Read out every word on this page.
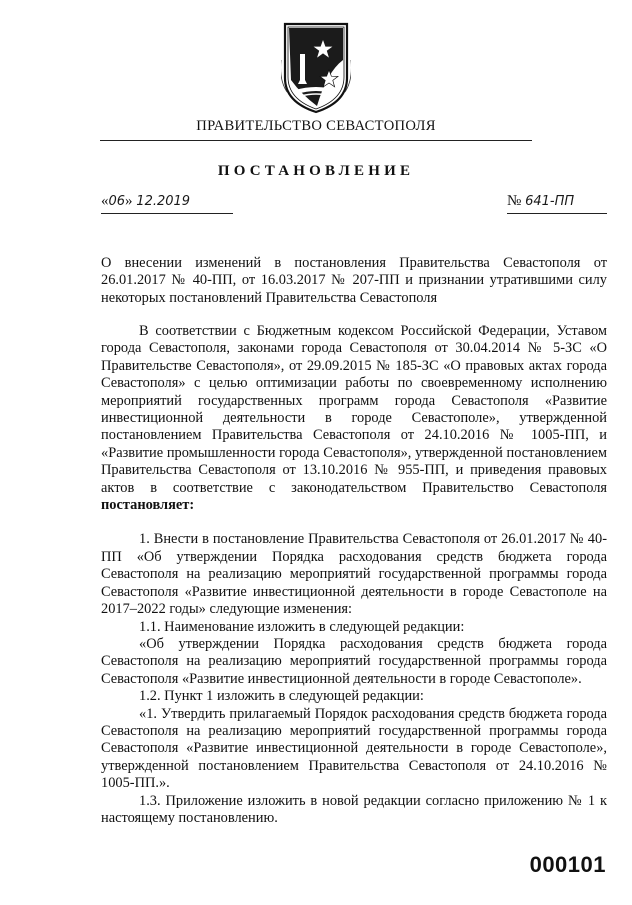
ПРАВИТЕЛЬСТВО СЕВАСТОПОЛЯ
ПОСТАНОВЛЕНИЕ
«06» 12.2019	№ 641-ПП
О внесении изменений в постановления Правительства Севастополя от 26.01.2017 № 40-ПП, от 16.03.2017 № 207-ПП и признании утратившими силу некоторых постановлений Правительства Севастополя

В соответствии с Бюджетным кодексом Российской Федерации, Уставом города Севастополя, законами города Севастополя от 30.04.2014 № 5-ЗС «О Правительстве Севастополя», от 29.09.2015 № 185-ЗС «О правовых актах города Севастополя» с целью оптимизации работы по своевременному исполнению мероприятий государственных программ города Севастополя «Развитие инвестиционной деятельности в городе Севастополе», утвержденной постановлением Правительства Севастополя от 24.10.2016 № 1005-ПП, и «Развитие промышленности города Севастополя», утвержденной постановлением Правительства Севастополя от 13.10.2016 № 955-ПП, и приведения правовых актов в соответствие с законодательством Правительство Севастополя постановляет:

1. Внести в постановление Правительства Севастополя от 26.01.2017 № 40-ПП «Об утверждении Порядка расходования средств бюджета города Севастополя на реализацию мероприятий государственной программы города Севастополя «Развитие инвестиционной деятельности в городе Севастополе на 2017–2022 годы» следующие изменения:

1.1. Наименование изложить в следующей редакции:

«Об утверждении Порядка расходования средств бюджета города Севастополя на реализацию мероприятий государственной программы города Севастополя «Развитие инвестиционной деятельности в городе Севастополе».

1.2. Пункт 1 изложить в следующей редакции:

«1. Утвердить прилагаемый Порядок расходования средств бюджета города Севастополя на реализацию мероприятий государственной программы города Севастополя «Развитие инвестиционной деятельности в городе Севастополе», утвержденной постановлением Правительства Севастополя от 24.10.2016 № 1005-ПП.».

1.3. Приложение изложить в новой редакции согласно приложению № 1 к настоящему постановлению.

000101
